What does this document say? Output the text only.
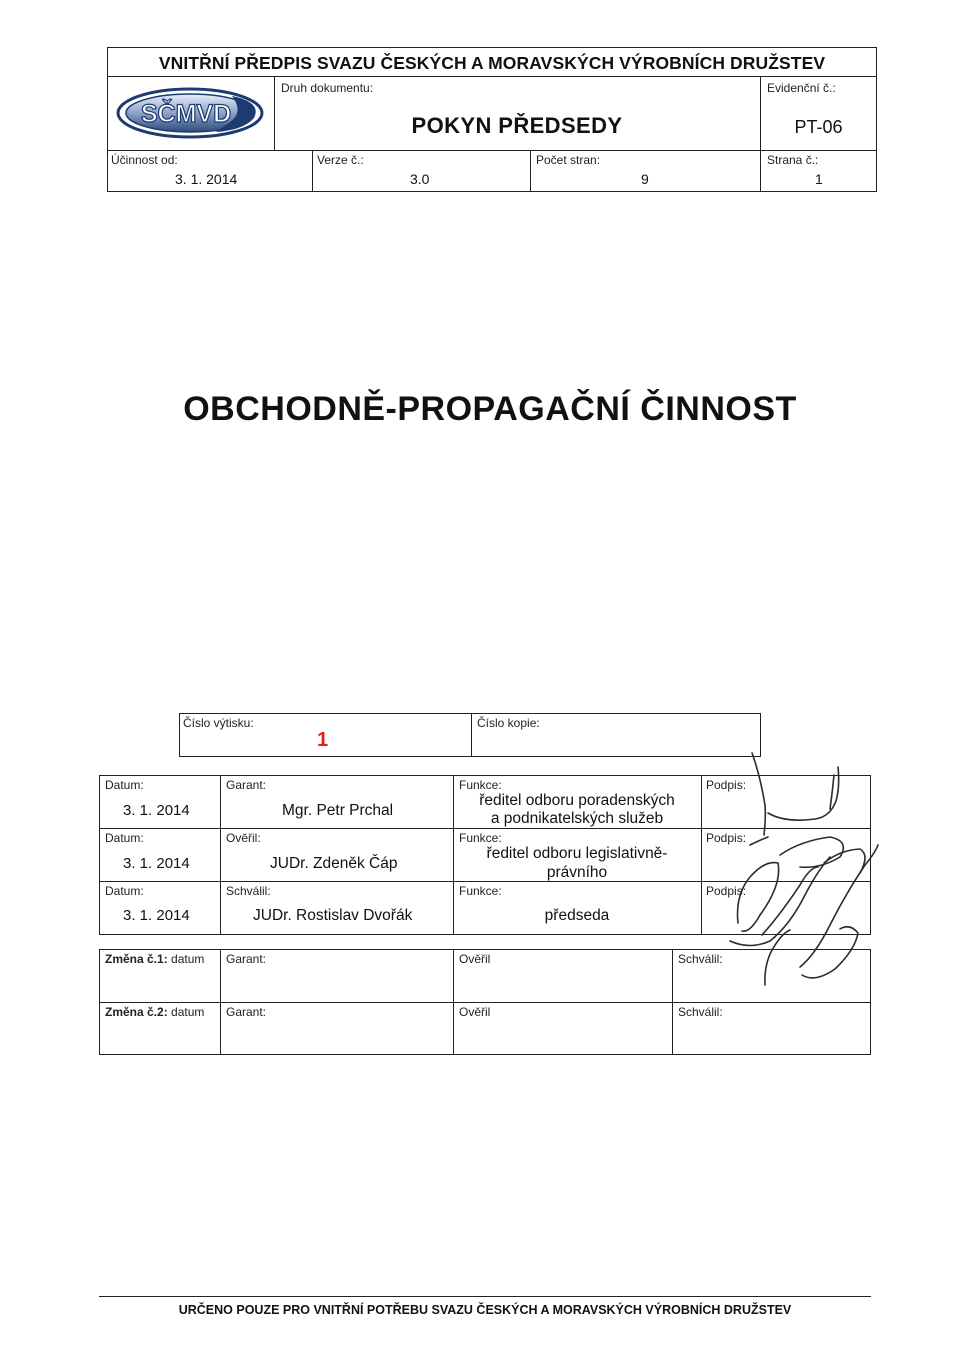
VNITŘNÍ PŘEDPIS SVAZU ČESKÝCH A MORAVSKÝCH VÝROBNÍCH DRUŽSTEV
SČMVD
Druh dokumentu:
POKYN PŘEDSEDY
Evidenční č.:
PT-06
Účinnost od:
3. 1. 2014
Verze č.:
3.0
Počet stran:
9
Strana č.:
1
OBCHODNĚ-PROPAGAČNÍ ČINNOST
Číslo výtisku:
1
Číslo kopie:
Datum:
3. 1. 2014
Garant:
Mgr. Petr Prchal
Funkce:
ředitel odboru poradenských
a podnikatelských služeb
Podpis:
Datum:
3. 1. 2014
Ověřil:
JUDr. Zdeněk Čáp
Funkce:
ředitel odboru legislativně-
právního
Podpis:
Datum:
3. 1. 2014
Schválil:
JUDr. Rostislav Dvořák
Funkce:
předseda
Podpis:
Změna č.1: datum Garant:	Ověřil	Schválil:
Změna č.2: datum Garant:	Ověřil	Schválil:
URČENO POUZE PRO VNITŘNÍ POTŘEBU SVAZU ČESKÝCH A MORAVSKÝCH VÝROBNÍCH DRUŽSTEV
